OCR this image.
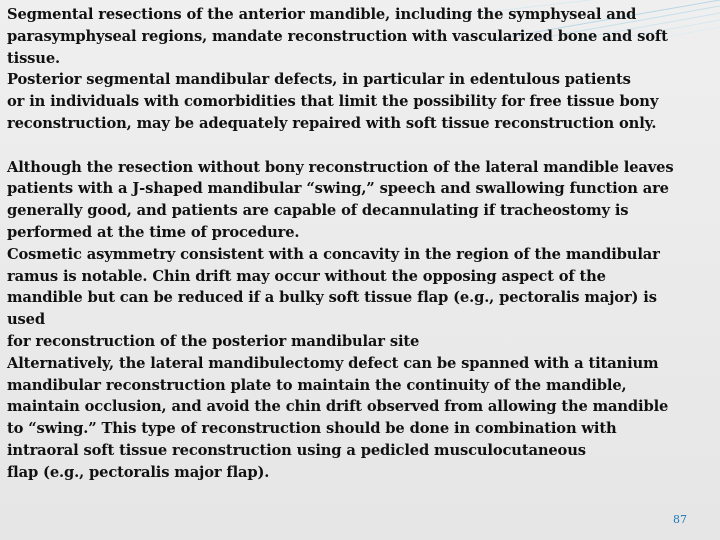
Segmental resections of the anterior mandible, including the symphyseal and
parasymphyseal regions, mandate reconstruction with vascularized bone and soft
tissue.
Posterior segmental mandibular defects, in particular in edentulous patients
or in individuals with comorbidities that limit the possibility for free tissue bony
reconstruction, may be adequately repaired with soft tissue reconstruction only.
Although the resection without bony reconstruction of the lateral mandible leaves
patients with a J-shaped mandibular “swing,” speech and swallowing function are
generally good, and patients are capable of decannulating if tracheostomy is
performed at the time of procedure.
Cosmetic asymmetry consistent with a concavity in the region of the mandibular
ramus is notable. Chin drift may occur without the opposing aspect of the
mandible but can be reduced if a bulky soft tissue flap (e.g., pectoralis major) is
used
for reconstruction of the posterior mandibular site
Alternatively, the lateral mandibulectomy defect can be spanned with a titanium
mandibular reconstruction plate to maintain the continuity of the mandible,
maintain occlusion, and avoid the chin drift observed from allowing the mandible
to “swing.” This type of reconstruction should be done in combination with
intraoral soft tissue reconstruction using a pedicled musculocutaneous
flap (e.g., pectoralis major flap).
87
